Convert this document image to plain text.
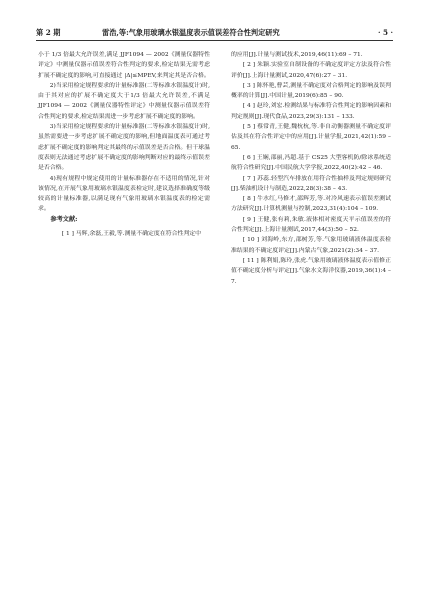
第 2 期	雷浩,等:气象用玻璃水银温度表示值误差符合性判定研究	· 5 ·

小于 1/3 倍最大允许误差,满足 JJF1094 — 2002《测量仪器特性评定》中测量仪器示值误差符合性判定的要求,检定结果无需考虑扩展不确定度的影响,可直接通过 |Δ|≤MPEV,来判定其是否合格。

2)当采用检定规程要求的计量标准器(二等标准水银温度计)时,由于其对应的扩展不确定度大于1/3 倍最大允许误差,不满足 JJF1094 — 2002《测量仪器特性评定》中测量仪器示值误差符合性判定的要求,检定结果需进一步考虑扩展不确定度的影响。

3)当采用检定规程要求的计量标准器(二等标准水银温度计)时,虽然需要进一步考虑扩展不确定度的影响,但地面温度表可通过考虑扩展不确定度的影响判定其最终的示值误差是否合格。但干球温度表则无法通过考虑扩展不确定度的影响判断对应的最终示值误差是否合格。

4)现有规程中规定使用的计量标准器存在不适用的情况,针对该情况,在开展气象用玻璃水银温度表检定时,建议选择准确度等级较高的计量标准器,以满足现有气象用玻璃水银温度表的检定需求。

参考文献:

[ 1 ] 马辉,余磊,王毅,等.测量不确定度在符合性判定中

的应用[J].计量与测试技术,2019,46(11):69 – 71.

[ 2 ] 朱颖.实验室自制设备的不确定度评定方法及符合性评价[J].上海计量测试,2020,47(6):27 – 31.

[ 3 ] 陈怀艳,曹芸,测量不确定度对合格判定的影响及误判概率的计算[J].中国计量,2019(6):85 – 90.

[ 4 ] 赵玲,刘宏.检测结果与标准符合性判定的影响因素和判定规则[J].现代食品,2023,29(3):131 – 133.

[ 5 ] 蔡常青,王健,魏杭杭,等.非自动衡器测量不确定度评估及其在符合性评定中的应用[J].计量学报,2021,42(1):59 – 65.

[ 6 ] 王娴,邵丽,冯超.基于 CS25 大型客机防/除冰系统适航符合性研究[J].中国民航大学学报,2022,40(2):42 – 46.

[ 7 ] 苏蕊.轻型汽车排放在用符合性抽样及判定规则研究[J].柴油机设计与制造,2022,28(3):38 – 43.

[ 8 ] 牛水红,马修才,邵辉芳,等.对冷风速表示值误差测试方法研究[J].计算机测量与控制,2023,31(4):104 – 109.

[ 9 ] 王健,张有莉,朱敏.液体相对密度天平示值误差的符合性判定[J].上海计量测试,2017,44(3):50 – 52.

[ 10 ] 刘海岭,东方,邵树芳,等.气象用玻璃液体温度表检准结果的不确定度评定[J].内蒙古气象,2021(2):34 – 37.

[ 11 ] 陈利娟,陈玲,张虎.气象用玻璃液体温度表示值修正值不确定度分析与评定[J].气象水文海洋仪器,2019,36(1):4 – 7.
